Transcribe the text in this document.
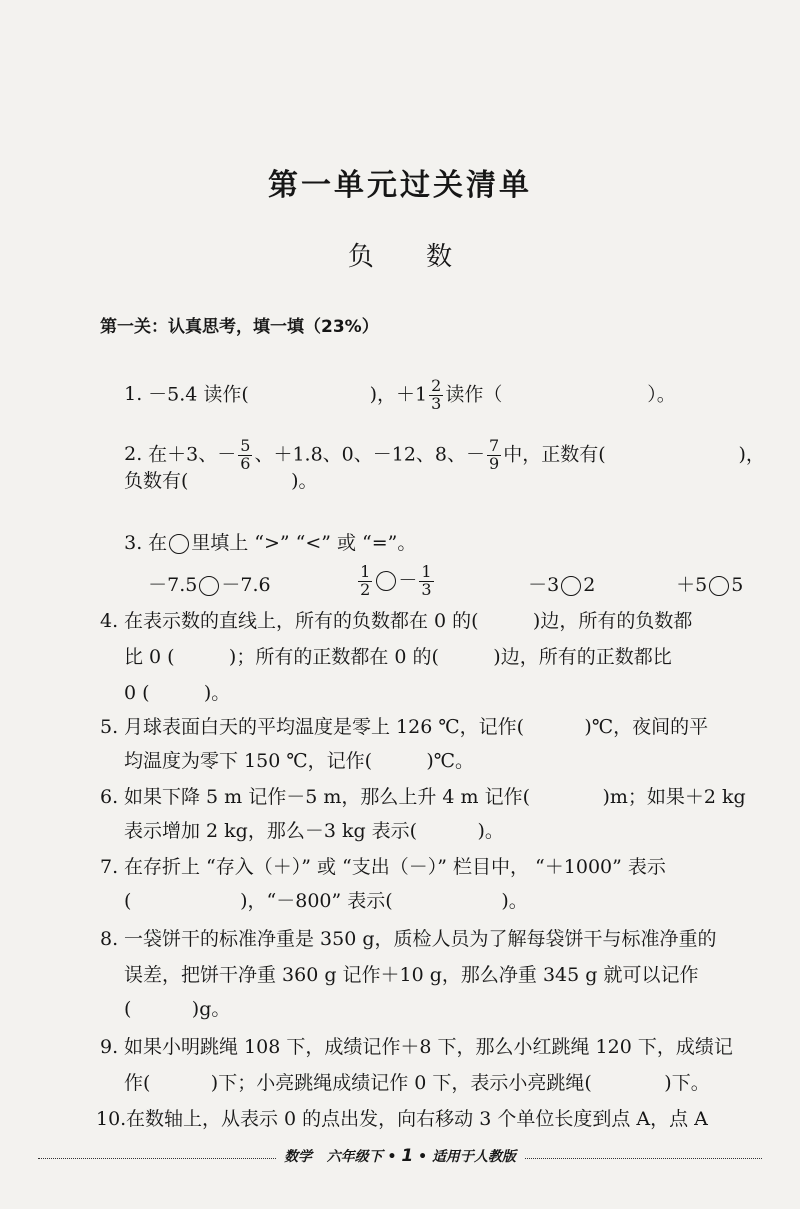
第一单元过关清单
负 数
第一关：认真思考，填一填（23%）

1. －5.4 读作(                    )，$+1 \frac{2}{3}$ 读作（                        ）。

2. 在＋3、－ $\frac{5}{6}$ 、＋1.8、0、－12、8、－ $\frac{7}{9}$ 中，正数有(                      )，

负数有(                 )。

3. 在 里填上 “>” “<” 或 “=”。

－7.5 －7.6

	$\frac{1}{2} - \frac{1}{3}$

	－3 2
	＋5 5

4. 在表示数的直线上，所有的负数都在 0 的(         )边，所有的负数都
比 0 (         )；所有的正数都在 0 的(         )边，所有的正数都比
0 (         )。
5. 月球表面白天的平均温度是零上 126 ℃，记作(          )℃，夜间的平
均温度为零下 150 ℃，记作(         )℃。
6. 如果下降 5 m 记作－5 m，那么上升 4 m 记作(            )m；如果＋2 kg
表示增加 2 kg，那么－3 kg 表示(          )。
7. 在存折上 “存入（＋）” 或 “支出（－）” 栏目中， “＋1000” 表示
(                  )，“－800” 表示(                  )。
8. 一袋饼干的标准净重是 350 g，质检人员为了解每袋饼干与标准净重的
误差，把饼干净重 360 g 记作＋10 g，那么净重 345 g 就可以记作
(          )g。
9. 如果小明跳绳 108 下，成绩记作＋8 下，那么小红跳绳 120 下，成绩记
作(          )下；小亮跳绳成绩记作 0 下，表示小亮跳绳(            )下。
10.在数轴上，从表示 0 的点出发，向右移动 3 个单位长度到点 A，点 A
数学 六年级下 • 1 • 适用于人教版
